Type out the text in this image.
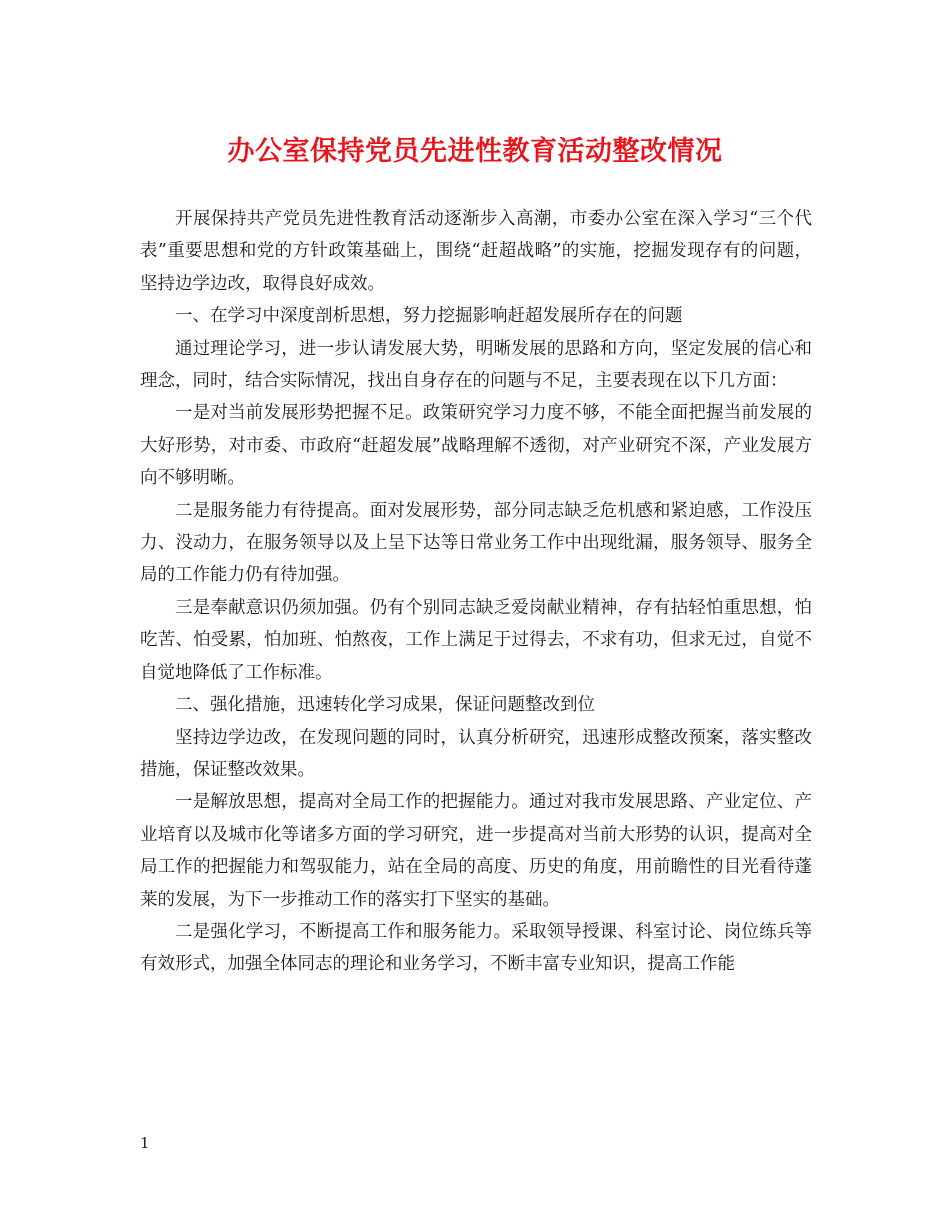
办公室保持党员先进性教育活动整改情况

开展保持共产党员先进性教育活动逐渐步入高潮，市委办公室在深入学习“三个代表”重要思想和党的方针政策基础上，围绕“赶超战略”的实施，挖掘发现存有的问题，坚持边学边改，取得良好成效。

一、在学习中深度剖析思想，努力挖掘影响赶超发展所存在的问题

通过理论学习，进一步认请发展大势，明晰发展的思路和方向，坚定发展的信心和理念，同时，结合实际情况，找出自身存在的问题与不足，主要表现在以下几方面：

一是对当前发展形势把握不足。政策研究学习力度不够，不能全面把握当前发展的大好形势，对市委、市政府“赶超发展”战略理解不透彻，对产业研究不深，产业发展方向不够明晰。

二是服务能力有待提高。面对发展形势，部分同志缺乏危机感和紧迫感，工作没压力、没动力，在服务领导以及上呈下达等日常业务工作中出现纰漏，服务领导、服务全局的工作能力仍有待加强。

三是奉献意识仍须加强。仍有个别同志缺乏爱岗献业精神，存有拈轻怕重思想，怕吃苦、怕受累，怕加班、怕熬夜，工作上满足于过得去，不求有功，但求无过，自觉不自觉地降低了工作标准。

二、强化措施，迅速转化学习成果，保证问题整改到位

坚持边学边改，在发现问题的同时，认真分析研究，迅速形成整改预案，落实整改措施，保证整改效果。

一是解放思想，提高对全局工作的把握能力。通过对我市发展思路、产业定位、产业培育以及城市化等诸多方面的学习研究，进一步提高对当前大形势的认识，提高对全局工作的把握能力和驾驭能力，站在全局的高度、历史的角度，用前瞻性的目光看待蓬莱的发展，为下一步推动工作的落实打下坚实的基础。

二是强化学习，不断提高工作和服务能力。采取领导授课、科室讨论、岗位练兵等有效形式，加强全体同志的理论和业务学习，不断丰富专业知识，提高工作能

1
